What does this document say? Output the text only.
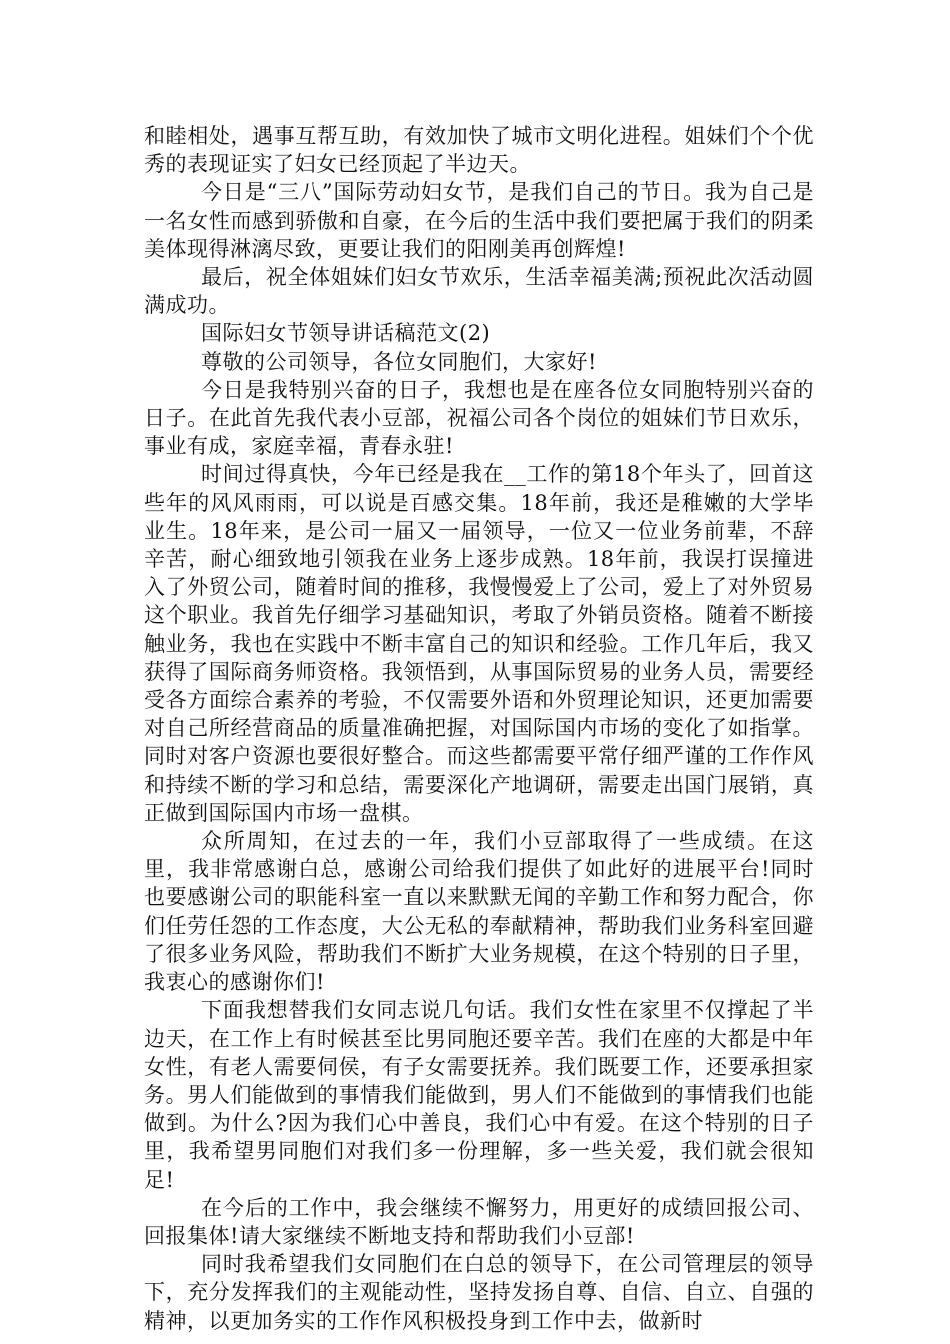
和睦相处，遇事互帮互助，有效加快了城市文明化进程。姐妹们个个优秀的表现证实了妇女已经顶起了半边天。

今日是“三八”国际劳动妇女节，是我们自己的节日。我为自己是一名女性而感到骄傲和自豪，在今后的生活中我们要把属于我们的阴柔美体现得淋漓尽致，更要让我们的阳刚美再创辉煌!

最后，祝全体姐妹们妇女节欢乐，生活幸福美满;预祝此次活动圆满成功。

国际妇女节领导讲话稿范文(2)

尊敬的公司领导，各位女同胞们，大家好!

今日是我特别兴奋的日子，我想也是在座各位女同胞特别兴奋的日子。在此首先我代表小豆部，祝福公司各个岗位的姐妹们节日欢乐，事业有成，家庭幸福，青春永驻!

时间过得真快，今年已经是我在__工作的第18个年头了，回首这些年的风风雨雨，可以说是百感交集。18年前，我还是稚嫩的大学毕业生。18年来，是公司一届又一届领导，一位又一位业务前辈，不辞辛苦，耐心细致地引领我在业务上逐步成熟。18年前，我误打误撞进入了外贸公司，随着时间的推移，我慢慢爱上了公司，爱上了对外贸易这个职业。我首先仔细学习基础知识，考取了外销员资格。随着不断接触业务，我也在实践中不断丰富自己的知识和经验。工作几年后，我又获得了国际商务师资格。我领悟到，从事国际贸易的业务人员，需要经受各方面综合素养的考验，不仅需要外语和外贸理论知识，还更加需要对自己所经营商品的质量准确把握，对国际国内市场的变化了如指掌。同时对客户资源也要很好整合。而这些都需要平常仔细严谨的工作作风和持续不断的学习和总结，需要深化产地调研，需要走出国门展销，真正做到国际国内市场一盘棋。

众所周知，在过去的一年，我们小豆部取得了一些成绩。在这里，我非常感谢白总，感谢公司给我们提供了如此好的进展平台!同时也要感谢公司的职能科室一直以来默默无闻的辛勤工作和努力配合，你们任劳任怨的工作态度，大公无私的奉献精神，帮助我们业务科室回避了很多业务风险，帮助我们不断扩大业务规模，在这个特别的日子里，我衷心的感谢你们!

下面我想替我们女同志说几句话。我们女性在家里不仅撑起了半边天，在工作上有时候甚至比男同胞还要辛苦。我们在座的大都是中年女性，有老人需要伺侯，有子女需要抚养。我们既要工作，还要承担家务。男人们能做到的事情我们能做到，男人们不能做到的事情我们也能做到。为什么?因为我们心中善良，我们心中有爱。在这个特别的日子里，我希望男同胞们对我们多一份理解，多一些关爱，我们就会很知足!

在今后的工作中，我会继续不懈努力，用更好的成绩回报公司、回报集体!请大家继续不断地支持和帮助我们小豆部!

同时我希望我们女同胞们在白总的领导下，在公司管理层的领导下，充分发挥我们的主观能动性，坚持发扬自尊、自信、自立、自强的精神，以更加务实的工作作风积极投身到工作中去，做新时
